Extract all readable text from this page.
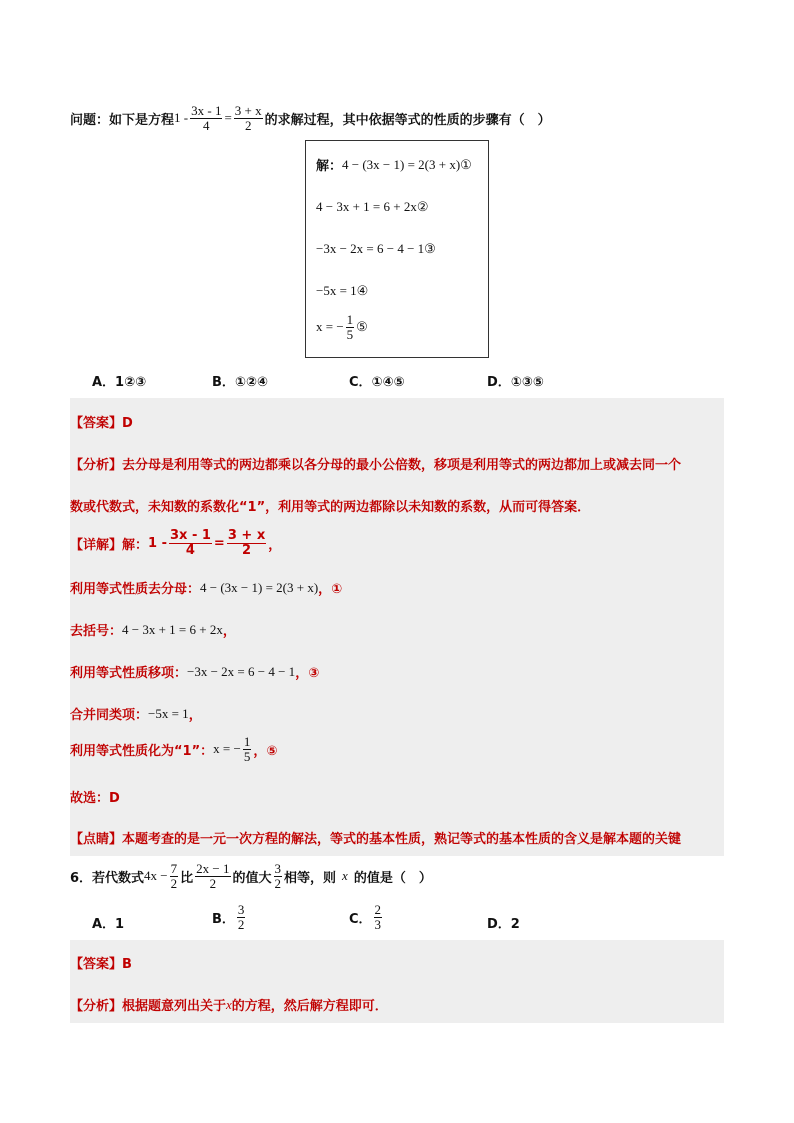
问题：如下是方程 $1 - \frac{3x - 1}{4} = \frac{3 + x}{2}$ 的求解过程，其中依据等式的性质的步骤有（　）
解： 4 − (3x − 1) = 2(3 + x) ①
4 − 3x + 1 = 6 + 2x ②
−3x − 2x = 6 − 4 − 1 ③
−5x = 1 ④
x = − $\frac{1}{5}$ ⑤
A．1②③	B．①②④	C．①④⑤	D．①③⑤
【答案】D
【分析】去分母是利用等式的两边都乘以各分母的最小公倍数，移项是利用等式的两边都加上或减去同一个
数或代数式，未知数的系数化“1”，利用等式的两边都除以未知数的系数，从而可得答案．
【详解】解： $1 - \frac{3x - 1}{4} = \frac{3 + x}{2}$ ，
利用等式性质去分母： 4 − (3x − 1) = 2(3 + x) ，①
去括号： 4 − 3x + 1 = 6 + 2x ，
利用等式性质移项： −3x − 2x = 6 − 4 − 1 ，③
合并同类项： −5x = 1 ，
利用等式性质化为“1”： x = − $\frac{1}{5}$ ，⑤
故选：D
【点睛】本题考查的是一元一次方程的解法，等式的基本性质，熟记等式的基本性质的含义是解本题的关键
6．若代数式 $4x - \frac{7}{2}$ 比 $\frac{2x - 1}{2}$ 的值大 $\frac{3}{2}$ 相等，则 x 的值是（　）
A．1	B． $\frac{3}{2}$	C． $\frac{2}{3}$	D．2
【答案】B
【分析】根据题意列出关于 x 的方程，然后解方程即可．
